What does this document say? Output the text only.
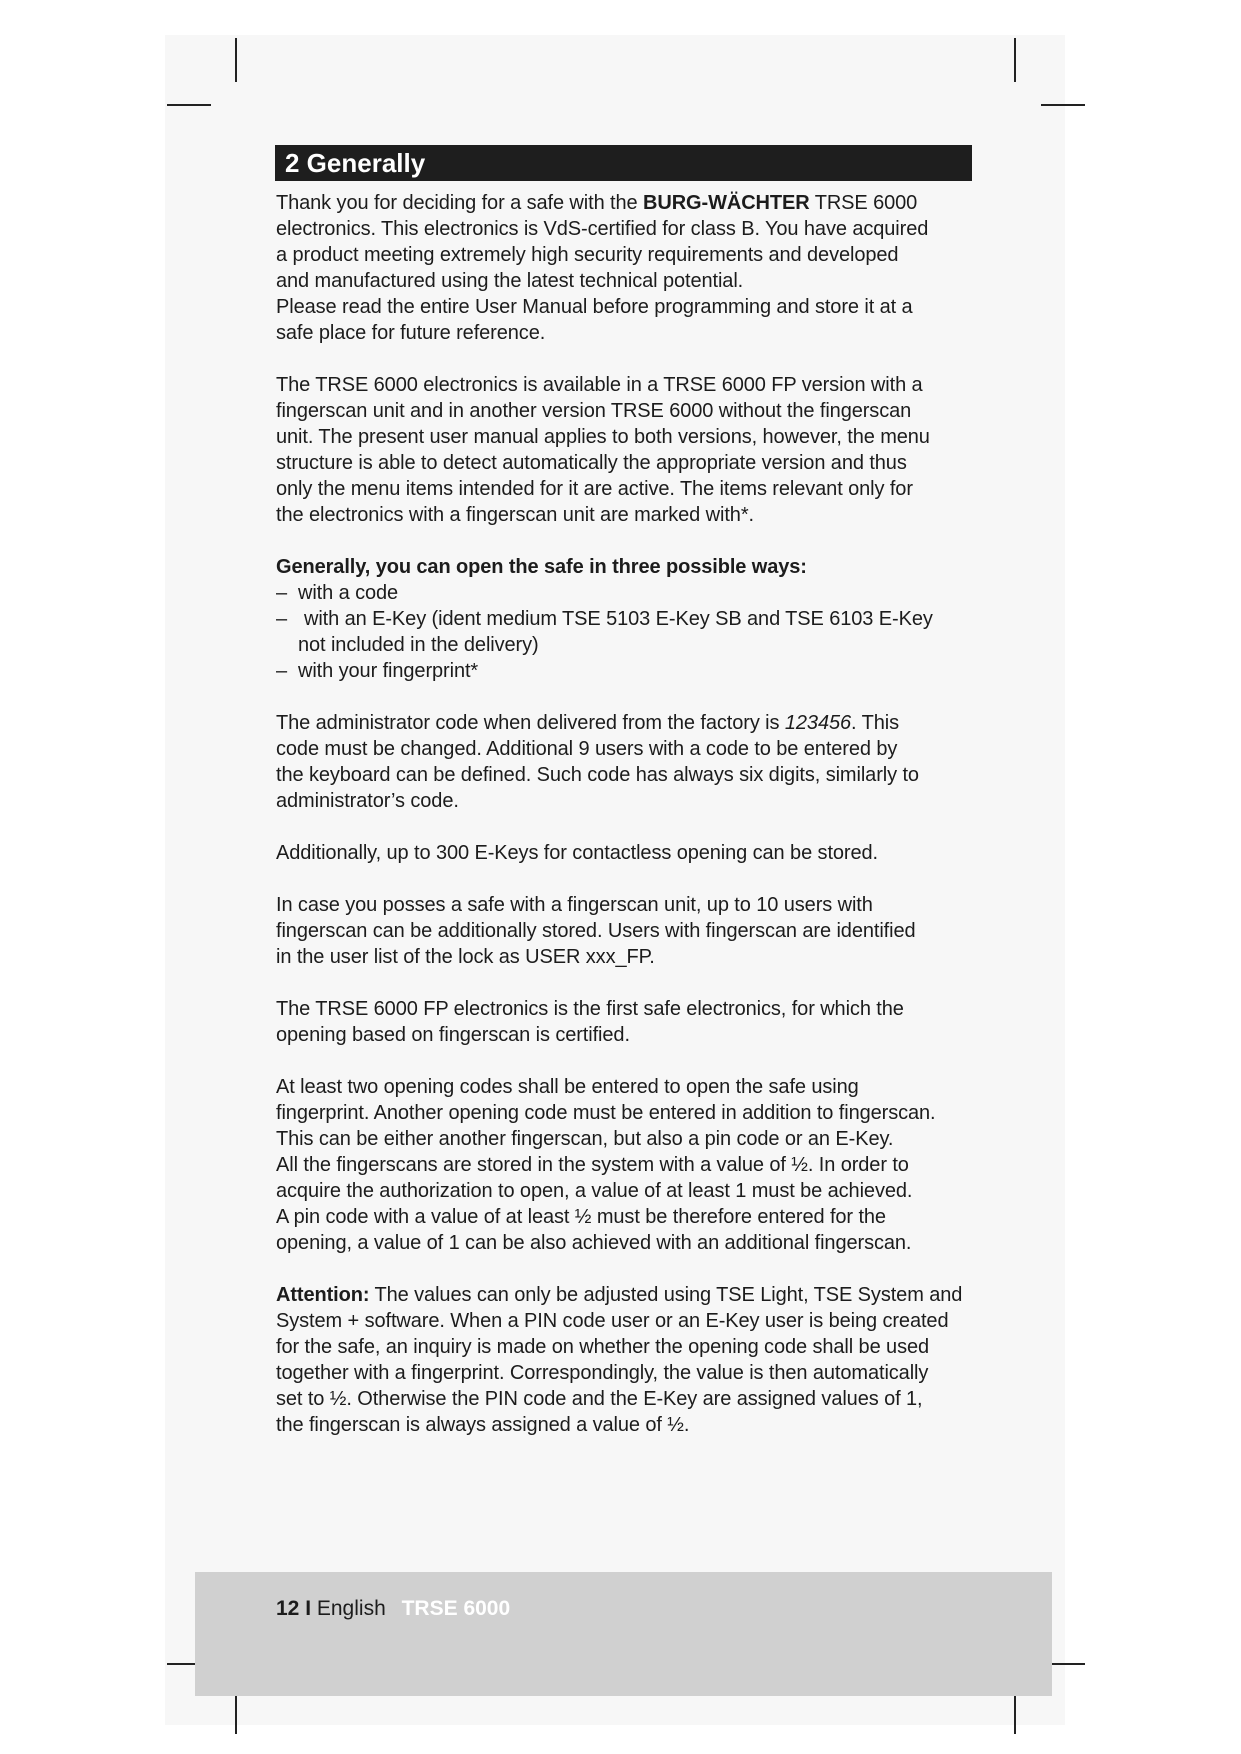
2 Generally

Thank you for deciding for a safe with the BURG-WÄCHTER TRSE 6000
electronics. This electronics is VdS-certified for class B. You have acquired
a product meeting extremely high security requirements and developed
and manufactured using the latest technical potential.
Please read the entire User Manual before programming and store it at a
safe place for future reference.

The TRSE 6000 electronics is available in a TRSE 6000 FP version with a
fingerscan unit and in another version TRSE 6000 without the fingerscan
unit. The present user manual applies to both versions, however, the menu
structure is able to detect automatically the appropriate version and thus
only the menu items intended for it are active. The items relevant only for
the electronics with a fingerscan unit are marked with*.

Generally, you can open the safe in three possible ways:

– with a code
– with an E-Key (ident medium TSE 5103 E-Key SB and TSE 6103 E-Key
not included in the delivery)
– with your fingerprint*

The administrator code when delivered from the factory is 123456. This
code must be changed. Additional 9 users with a code to be entered by
the keyboard can be defined. Such code has always six digits, similarly to
administrator’s code.

Additionally, up to 300 E-Keys for contactless opening can be stored.

In case you posses a safe with a fingerscan unit, up to 10 users with
fingerscan can be additionally stored. Users with fingerscan are identified
in the user list of the lock as USER xxx_FP.

The TRSE 6000 FP electronics is the first safe electronics, for which the
opening based on fingerscan is certified.

At least two opening codes shall be entered to open the safe using
fingerprint. Another opening code must be entered in addition to fingerscan.
This can be either another fingerscan, but also a pin code or an E-Key.
All the fingerscans are stored in the system with a value of ½. In order to
acquire the authorization to open, a value of at least 1 must be achieved.
A pin code with a value of at least ½ must be therefore entered for the
opening, a value of 1 can be also achieved with an additional fingerscan.

Attention: The values can only be adjusted using TSE Light, TSE System and
System + software. When a PIN code user or an E-Key user is being created
for the safe, an inquiry is made on whether the opening code shall be used
together with a fingerprint. Correspondingly, the value is then automatically
set to ½. Otherwise the PIN code and the E-Key are assigned values of 1,
the fingerscan is always assigned a value of ½.

12 I English TRSE 6000
